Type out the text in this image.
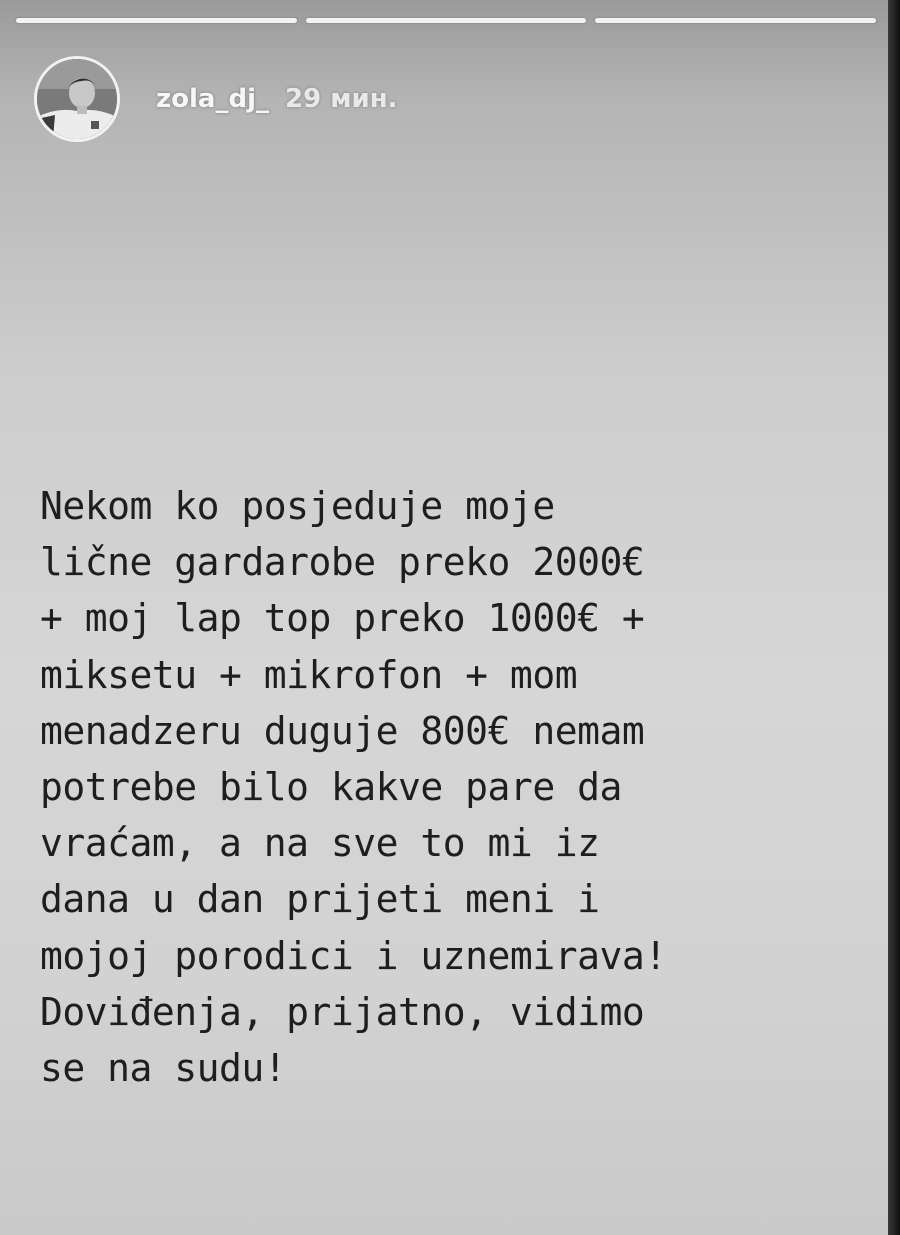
zola_dj_ 29 мин.

Nekom ko posjeduje moje
lične gardarobe preko 2000€
+ moj lap top preko 1000€ +
miksetu + mikrofon + mom
menadzeru duguje 800€ nemam
potrebe bilo kakve pare da
vraćam, a na sve to mi iz
dana u dan prijeti meni i
mojoj porodici i uznemirava!
Doviđenja, prijatno, vidimo
se na sudu!
